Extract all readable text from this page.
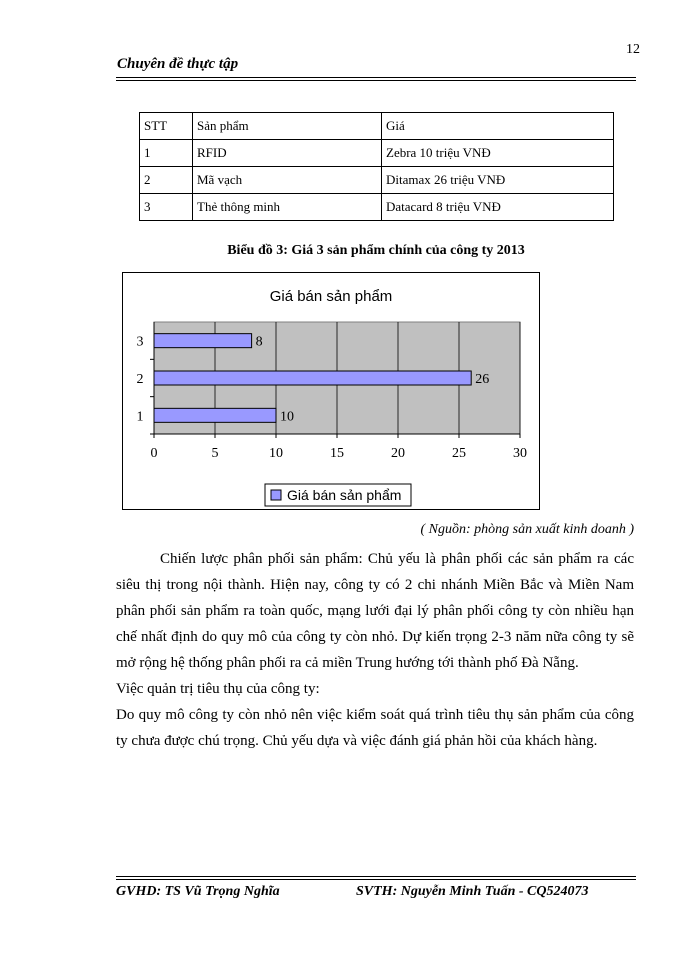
12
Chuyên đề thực tập
STT	Sản phẩm	Giá
1	RFID	Zebra 10 triệu VNĐ
2	Mã vạch	Ditamax 26 triệu VNĐ
3	Thẻ thông minh	Datacard 8 triệu VNĐ
Biểu đồ 3: Giá 3 sản phẩm chính của công ty 2013
Giá bán sản phẩm
0	5	10	15	20	25	30
1	10
2	26
3	8
Giá bán sản phẩm
( Nguồn: phòng sản xuất kinh doanh )
Chiến lược phân phối sản phẩm: Chủ yếu là phân phối các sản phẩm ra các siêu thị trong nội thành. Hiện nay, công ty có 2 chi nhánh Miền Bắc và Miền Nam phân phối sản phẩm ra toàn quốc, mạng lưới đại lý phân phối công ty còn nhiều hạn chế nhất định do quy mô của công ty còn nhỏ. Dự kiến trọng 2-3 năm nữa công ty sẽ mở rộng hệ thống phân phối ra cả miền Trung hướng tới thành phố Đà Nẵng.
Việc quản trị tiêu thụ của công ty:
Do quy mô công ty còn nhỏ nên việc kiểm soát quá trình tiêu thụ sản phẩm của công ty chưa được chú trọng. Chủ yếu dựa và việc đánh giá phản hồi của khách hàng.
GVHD: TS Vũ Trọng Nghĩa	SVTH: Nguyễn Minh Tuấn - CQ524073
